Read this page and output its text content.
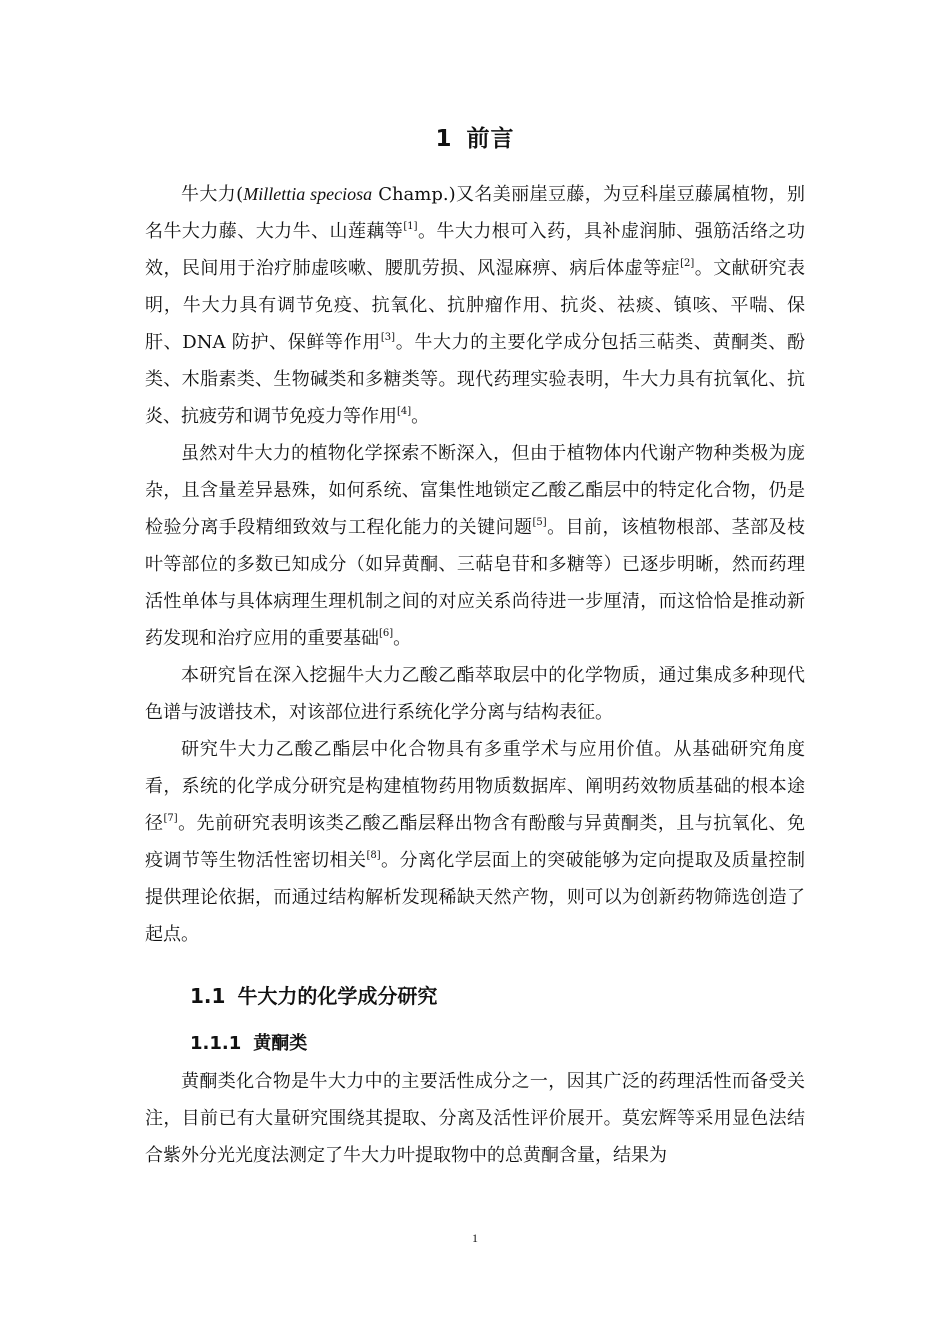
1 前言

牛大力(Millettia speciosa Champ.)又名美丽崖豆藤，为豆科崖豆藤属植物，别名牛大力藤、大力牛、山莲藕等[1]。牛大力根可入药，具补虚润肺、强筋活络之功效，民间用于治疗肺虚咳嗽、腰肌劳损、风湿麻痹、病后体虚等症[2]。文献研究表明，牛大力具有调节免疫、抗氧化、抗肿瘤作用、抗炎、祛痰、镇咳、平喘、保肝、DNA 防护、保鲜等作用[3]。牛大力的主要化学成分包括三萜类、黄酮类、酚类、木脂素类、生物碱类和多糖类等。现代药理实验表明，牛大力具有抗氧化、抗炎、抗疲劳和调节免疫力等作用[4]。

虽然对牛大力的植物化学探索不断深入，但由于植物体内代谢产物种类极为庞杂，且含量差异悬殊，如何系统、富集性地锁定乙酸乙酯层中的特定化合物，仍是检验分离手段精细致效与工程化能力的关键问题[5]。目前，该植物根部、茎部及枝叶等部位的多数已知成分（如异黄酮、三萜皂苷和多糖等）已逐步明晰，然而药理活性单体与具体病理生理机制之间的对应关系尚待进一步厘清，而这恰恰是推动新药发现和治疗应用的重要基础[6]。

本研究旨在深入挖掘牛大力乙酸乙酯萃取层中的化学物质，通过集成多种现代色谱与波谱技术，对该部位进行系统化学分离与结构表征。

研究牛大力乙酸乙酯层中化合物具有多重学术与应用价值。从基础研究角度看，系统的化学成分研究是构建植物药用物质数据库、阐明药效物质基础的根本途径[7]。先前研究表明该类乙酸乙酯层释出物含有酚酸与异黄酮类，且与抗氧化、免疫调节等生物活性密切相关[8]。分离化学层面上的突破能够为定向提取及质量控制提供理论依据，而通过结构解析发现稀缺天然产物，则可以为创新药物筛选创造了起点。

1.1 牛大力的化学成分研究
1.1.1 黄酮类

黄酮类化合物是牛大力中的主要活性成分之一，因其广泛的药理活性而备受关注，目前已有大量研究围绕其提取、分离及活性评价展开。莫宏辉等采用显色法结合紫外分光光度法测定了牛大力叶提取物中的总黄酮含量，结果为

1
